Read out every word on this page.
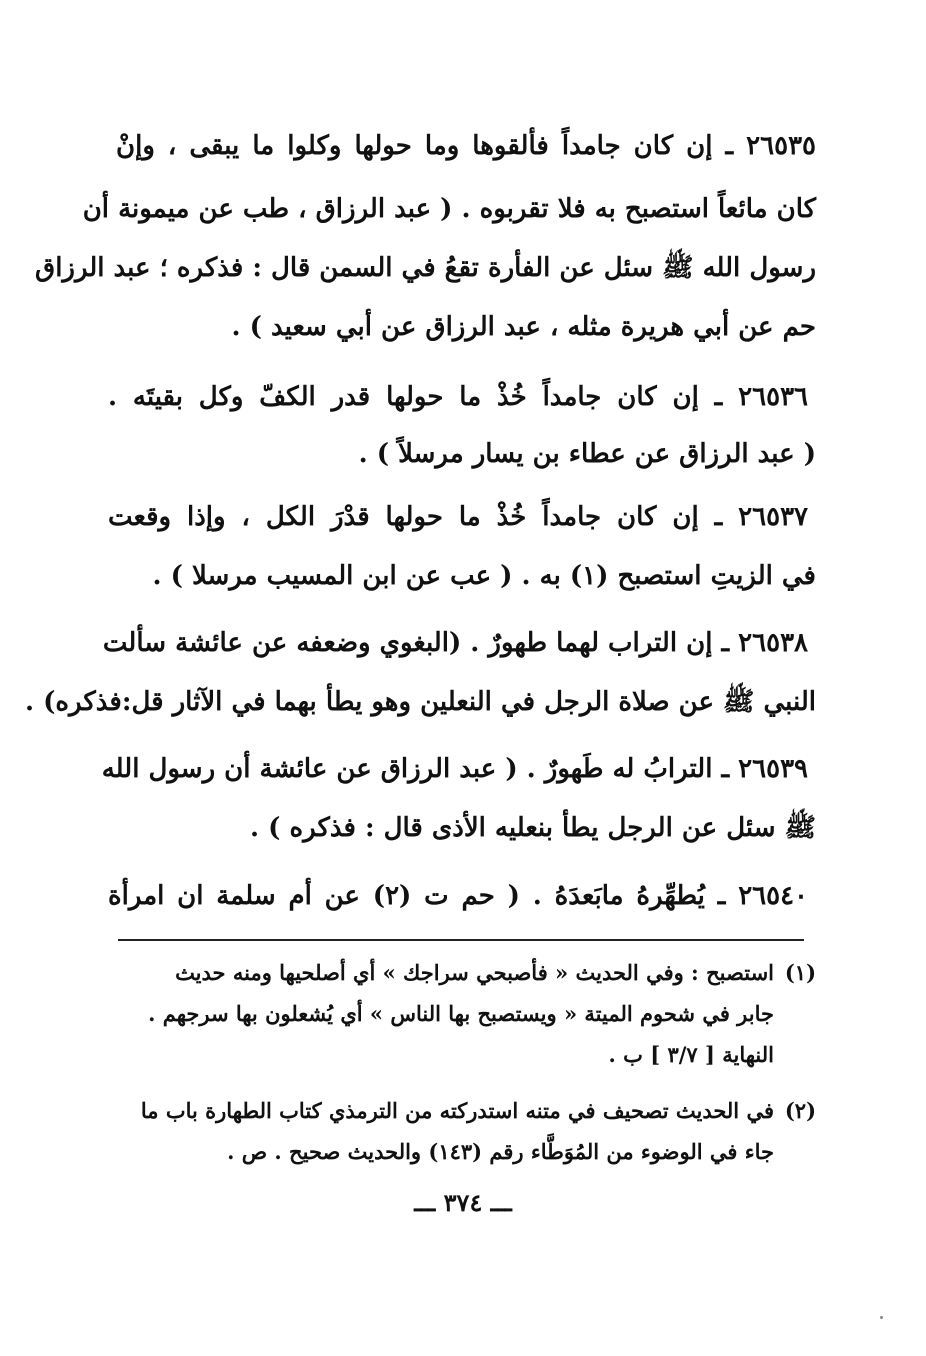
٢٦٥٣٥ ـ إن كان جامداً فألقوها وما حولها وكلوا ما يبقى ، وإنْ
كان مائعاً استصبح به فلا تقربوه . ( عبد الرزاق ، طب عن ميمونة أن
رسول الله ﷺ سئل عن الفأرة تقعُ في السمن قال : فذكره ؛ عبد الرزاق
حم عن أبي هريرة مثله ، عبد الرزاق عن أبي سعيد ) .
٢٦٥٣٦ ـ إن كان جامداً خُذْ ما حولها قدر الكفّ وكل بقيتَه .
( عبد الرزاق عن عطاء بن يسار مرسلاً ) .
٢٦٥٣٧ ـ إن كان جامداً خُذْ ما حولها قدْرَ الكل ، وإذا وقعت
في الزيتِ استصبح (١) به . ( عب عن ابن المسيب مرسلا ) .
٢٦٥٣٨ ـ إن التراب لهما طهورٌ . (البغوي وضعفه عن عائشة سألت
النبي ﷺ عن صلاة الرجل في النعلين وهو يطأ بهما في الآثار قل:فذكره) .
٢٦٥٣٩ ـ الترابُ له طَهورٌ . ( عبد الرزاق عن عائشة أن رسول الله
ﷺ سئل عن الرجل يطأ بنعليه الأذى قال : فذكره ) .
٢٦٥٤٠ ـ يُطهِّرهُ مابَعدَهُ . ( حم ت (٢) عن أم سلمة ان امرأة
(١)
استصبح : وفي الحديث « فأصبحي سراجك » أي أصلحيها ومنه حديث
جابر في شحوم الميتة « ويستصبح بها الناس » أي يُشعلون بها سرجهم .
النهاية [ ٣/٧ ] ب .
(٢)
في الحديث تصحيف في متنه استدركته من الترمذي كتاب الطهارة باب ما
جاء في الوضوء من المُوَطَّاء رقم (١٤٣) والحديث صحيح . ص .
ـــ ٣٧٤ ـــ
